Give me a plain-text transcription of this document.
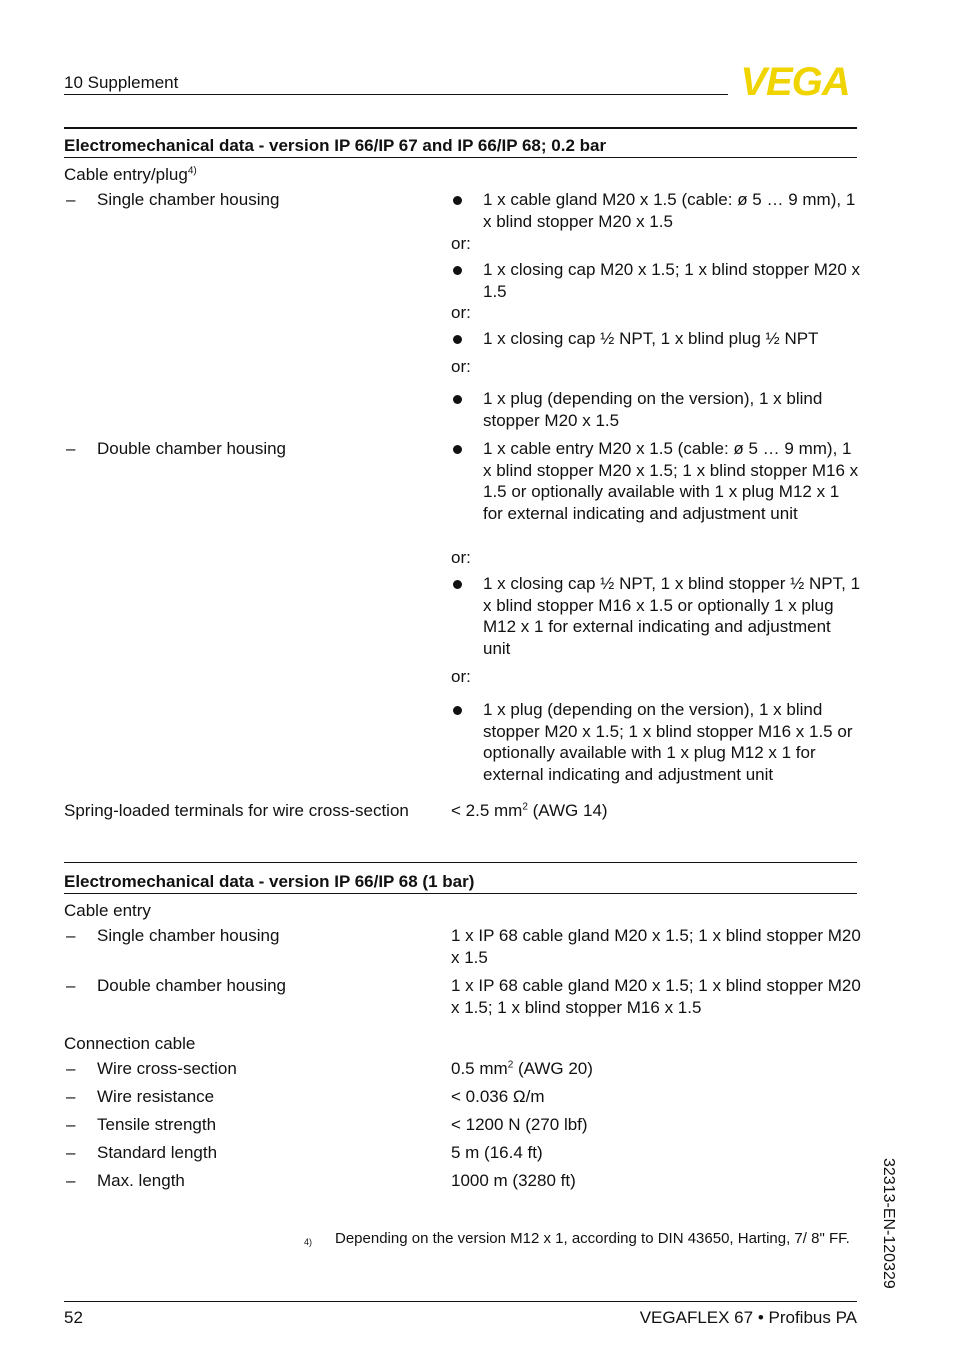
10 Supplement	VEGA
Electromechanical data - version IP 66/IP 67 and IP 66/IP 68; 0.2 bar
Cable entry/plug$^{4)}$
– Single chamber housing	1 x cable gland M20 x 1.5 (cable: ø 5 … 9 mm), 1 x blind stopper M20 x 1.5
or:
1 x closing cap M20 x 1.5; 1 x blind stopper M20 x 1.5
or:
1 x closing cap ½ NPT, 1 x blind plug ½ NPT
or:
1 x plug (depending on the version), 1 x blind stopper M20 x 1.5
– Double chamber housing	1 x cable entry M20 x 1.5 (cable: ø 5 … 9 mm), 1 x blind stopper M20 x 1.5; 1 x blind stopper M16 x 1.5 or optionally available with 1 x plug M12 x 1 for external indicating and adjustment unit
or:
1 x closing cap ½ NPT, 1 x blind stopper ½ NPT, 1 x blind stopper M16 x 1.5 or optionally 1 x plug M12 x 1 for external indicating and adjustment unit
or:
1 x plug (depending on the version), 1 x blind stopper M20 x 1.5; 1 x blind stopper M16 x 1.5 or optionally available with 1 x plug M12 x 1 for external indicating and adjustment unit
Spring-loaded terminals for wire cross-section	< 2.5 $mm^2$ (AWG 14)
Electromechanical data - version IP 66/IP 68 (1 bar)
Cable entry
– Single chamber housing	1 x IP 68 cable gland M20 x 1.5; 1 x blind stopper M20 x 1.5
– Double chamber housing	1 x IP 68 cable gland M20 x 1.5; 1 x blind stopper M20 x 1.5; 1 x blind stopper M16 x 1.5
Connection cable
– Wire cross-section	0.5 $mm^2$ (AWG 20)
– Wire resistance	< 0.036 Ω/m
– Tensile strength	< 1200 N (270 lbf)
– Standard length	5 m (16.4 ft)
– Max. length	1000 m (3280 ft)
4) Depending on the version M12 x 1, according to DIN 43650, Harting, 7/ 8" FF.	32313-EN-120329
52	VEGAFLEX 67 • Profibus PA
